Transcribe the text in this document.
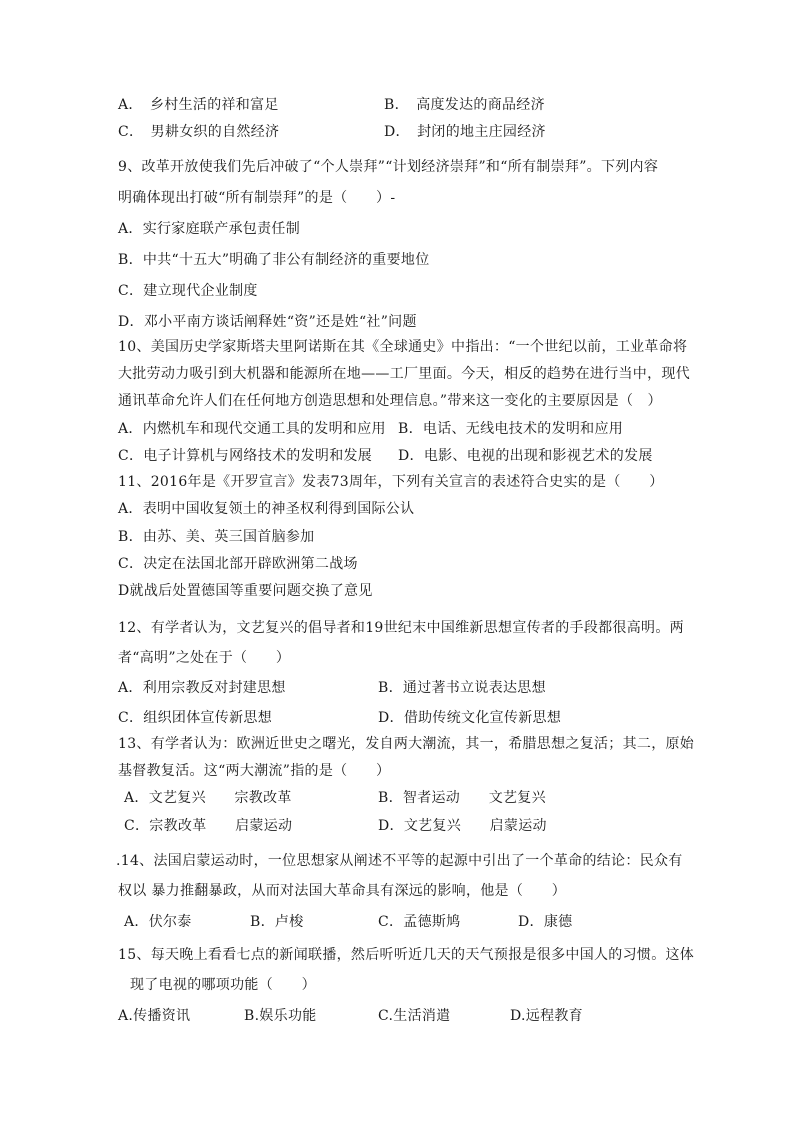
A．　乡村生活的祥和富足	B．　高度发达的商品经济
C．　男耕女织的自然经济	D．　封闭的地主庄园经济
9、改革开放使我们先后冲破了“个人崇拜”“计划经济崇拜”和“所有制崇拜”。下列内容
明确体现出打破“所有制崇拜”的是（　　）-
A．实行家庭联产承包责任制
B．中共“十五大”明确了非公有制经济的重要地位
C．建立现代企业制度
D．邓小平南方谈话阐释姓“资”还是姓“社”问题
10、美国历史学家斯塔夫里阿诺斯在其《全球通史》中指出：“一个世纪以前，工业革命将
大批劳动力吸引到大机器和能源所在地——工厂里面。今天，相反的趋势在进行当中，现代
通讯革命允许人们在任何地方创造思想和处理信息。”带来这一变化的主要原因是（　）
A．内燃机车和现代交通工具的发明和应用 B．电话、无线电技术的发明和应用
C．电子计算机与网络技术的发明和发展 D．电影、电视的出现和影视艺术的发展
11、2016年是《开罗宣言》发表73周年，下列有关宣言的表述符合史实的是（　　）
A．表明中国收复领土的神圣权利得到国际公认
B．由苏、美、英三国首脑参加
C．决定在法国北部开辟欧洲第二战场
D就战后处置德国等重要问题交换了意见
12、有学者认为，文艺复兴的倡导者和19世纪末中国维新思想宣传者的手段都很高明。两
者“高明”之处在于（　　）
A．利用宗教反对封建思想	B．通过著书立说表达思想
C．组织团体宣传新思想	D．借助传统文化宣传新思想
13、有学者认为：欧洲近世史之曙光，发自两大潮流，其一，希腊思想之复活；其二，原始
基督教复活。这“两大潮流”指的是（　　）
A．文艺复兴　　宗教改革	B．智者运动　　文艺复兴
C．宗教改革　　启蒙运动	D．文艺复兴　　启蒙运动
.14、法国启蒙运动时，一位思想家从阐述不平等的起源中引出了一个革命的结论：民众有
权以 暴力推翻暴政，从而对法国大革命具有深远的影响，他是（　　）
A．伏尔泰	B．卢梭	C．孟德斯鸠	D．康德
15、每天晚上看看七点的新闻联播，然后听听近几天的天气预报是很多中国人的习惯。这体
现了电视的哪项功能（　　）
A.传播资讯	B.娱乐功能	C.生活消遣	D.远程教育
